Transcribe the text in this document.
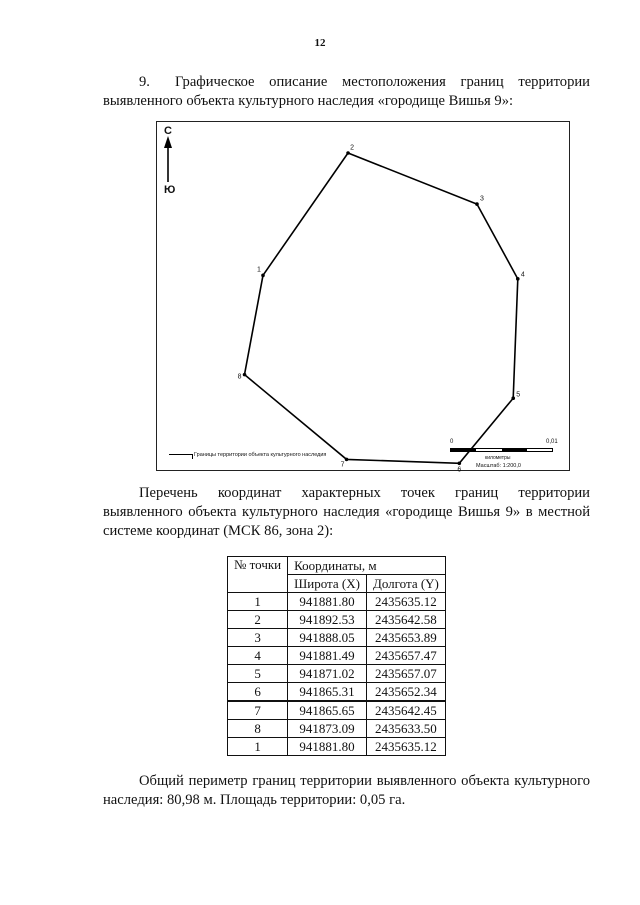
12

9. Графическое описание местоположения границ территории выявленного объекта культурного наследия «городище Вишья 9»:

С
Ю
1
2
3
4
5
6
7
8
Границы территории объекта культурного наследия
0	0,01
километры
Масштаб: 1:200,0

Перечень координат характерных точек границ территории выявленного объекта культурного наследия «городище Вишья 9» в местной системе координат (МСК 86, зона 2):

№ точки	Координаты, м	
	Широта (X)	Долгота (Y)
1	941881.80	2435635.12
2	941892.53	2435642.58
3	941888.05	2435653.89
4	941881.49	2435657.47
5	941871.02	2435657.07
6	941865.31	2435652.34
7	941865.65	2435642.45
8	941873.09	2435633.50
1	941881.80	2435635.12

Общий периметр границ территории выявленного объекта культурного наследия: 80,98 м. Площадь территории: 0,05 га.
